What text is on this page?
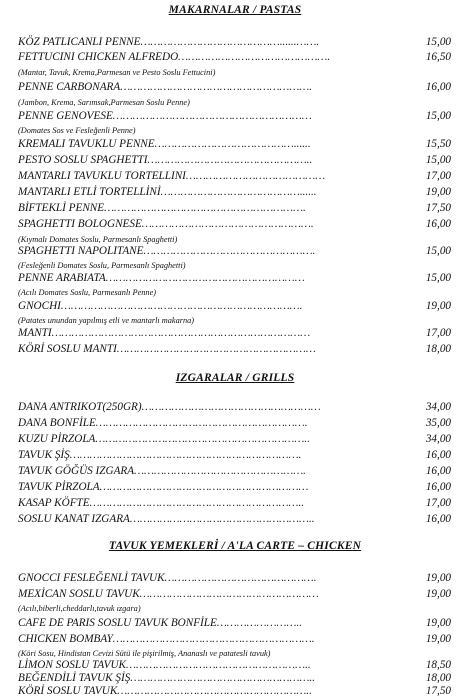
MAKARNALAR / PASTAS
KÖZ PATLICANLI PENNE……………………………………......…….	15,00
FETTUCINI CHICKEN ALFREDO……………………………………….	16,50
(Mantar, Tavuk, Krema,Parmesan ve Pesto Soslu Fettucini)
PENNE CARBONARA………………………………………………….	16,00
(Jambon, Krema, Sarımsak,Parmesan Soslu Penne)
PENNE GENOVESE……………………………………………………	15,00
(Domates Sos ve Fesleğenli Penne)
KREMALI TAVUKLU PENNE……………………………………......	15,50
PESTO SOSLU SPAGHETTI…………………………………………..	15,00
MANTARLI TAVUKLU TORTELLINI……………………………………	17,00
MANTARLI ETLİ TORTELLİNİ……………………………………......	19,00
BİFTEKLİ PENNE…………………………………………………….	17,50
SPAGHETTI BOLOGNESE…………………………………………….	16,00
(Kıymalı Domates Soslu, Parmesanlı Spaghetti)
SPAGHETTI NAPOLITANE…………………………………………….	15,00
(Fesleğenli Domates Soslu, Parmesanlı Spaghetti)
PENNE ARABIATA……………………………………………………	15,00
(Acılı Domates Soslu, Parmesanlı Penne)
GNOCHI……………………………………………………………….	19,00
(Patates unundan yapılmış etli ve mantarlı makarna)
MANTI……………………………………………………………………	17,00
KÖRİ SOSLU MANTI……………………………………………………	18,00
IZGARALAR / GRILLS
DANA ANTRIKOT(250GR)………………………………………………	34,00
DANA BONFİLE……………………………………………………….	35,00
KUZU PİRZOLA………………………………………………………..	34,00
TAVUK ŞİŞ…………………………………………………………….	16,00
TAVUK GÖĞÜS IZGARA…………………………………………….	16,00
TAVUK PİRZOLA………………………………………………………	16,00
KASAP KÖFTE………………………………………………………..	17,00
SOSLU KANAT IZGARA………………………………………………..	16,00
TAVUK YEMEKLERİ / A'LA CARTE – CHICKEN
GNOCCI FESLEĞENLİ TAVUK……………………………………….	19,00
MEXİCAN SOSLU TAVUK………………………………………………	19,00
(Acılı,biberli,cheddarlı,tavuk ızgara)
CAFE DE PARIS SOSLU TAVUK BONFİLE……………………..	19,00
CHICKEN BOMBAY…………………………………………………….	19,00
(Köri Sosu, Hindistan Cevizi Sütü ile pişirilmiş, Ananaslı ve patatesli tavuk)
LİMON SOSLU TAVUK………………………………………………..	18,50
BEĞENDİLİ TAVUK ŞİŞ………………………………………………..	18,00
KÖRİ SOSLU TAVUK…………………………………………………..	17,50
